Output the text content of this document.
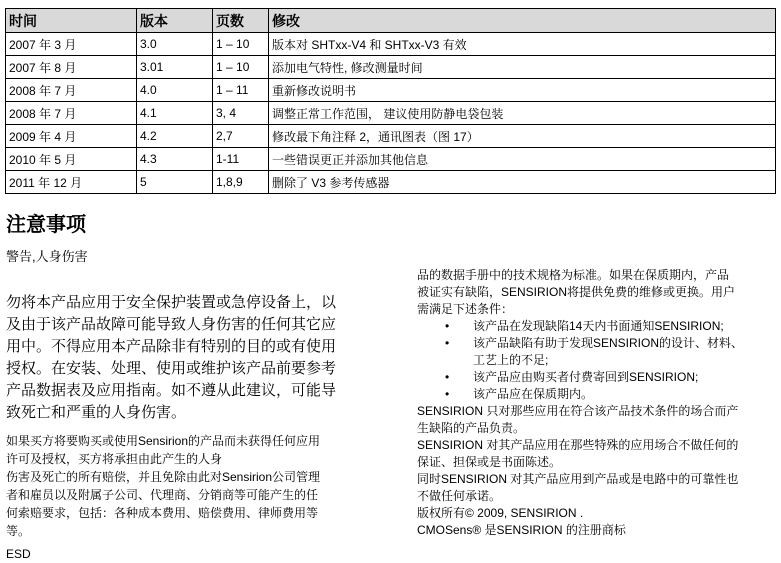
时间	版本	页数	修改
2007 年 3 月	3.0	1 – 10	版本对 SHTxx-V4 和 SHTxx-V3 有效
2007 年 8 月	3.01	1 – 10	添加电气特性, 修改测量时间
2008 年 7 月	4.0	1 – 11	重新修改说明书
2008 年 7 月	4.1	3, 4	调整正常工作范围， 建议使用防静电袋包装
2009 年 4 月	4.2	2,7	修改最下角注释 2，通讯图表（图 17）
2010 年 5 月	4.3	1-11	一些错误更正并添加其他信息
2011 年 12 月	5	1,8,9	删除了 V3 参考传感器
注意事项
警告,人身伤害
勿将本产品应用于安全保护装置或急停设备上，以
及由于该产品故障可能导致人身伤害的任何其它应
用中。不得应用本产品除非有特别的目的或有使用
授权。在安装、处理、使用或维护该产品前要参考
产品数据表及应用指南。如不遵从此建议，可能导
致死亡和严重的人身伤害。
如果买方将要购买或使用Sensirion的产品而未获得任何应用
许可及授权，买方将承担由此产生的人身
伤害及死亡的所有赔偿，并且免除由此对Sensirion公司管理
者和雇员以及附属子公司、代理商、分销商等可能产生的任
何索赔要求，包括：各种成本费用、赔偿费用、律师费用等
等。
ESD

品的数据手册中的技术规格为标准。如果在保质期内，产品
被证实有缺陷，SENSIRION将提供免费的维修或更换。用户
需满足下述条件：

• 该产品在发现缺陷14天内书面通知SENSIRION;
• 该产品缺陷有助于发现SENSIRION的设计、材料、
工艺上的不足;
• 该产品应由购买者付费寄回到SENSIRION;
• 该产品应在保质期内。

SENSIRION 只对那些应用在符合该产品技术条件的场合而产
生缺陷的产品负责。

SENSIRION 对其产品应用在那些特殊的应用场合不做任何的
保证、担保或是书面陈述。

同时SENSIRION 对其产品应用到产品或是电路中的可靠性也
不做任何承诺。

版权所有© 2009, SENSIRION .

CMOSens® 是SENSIRION 的注册商标
